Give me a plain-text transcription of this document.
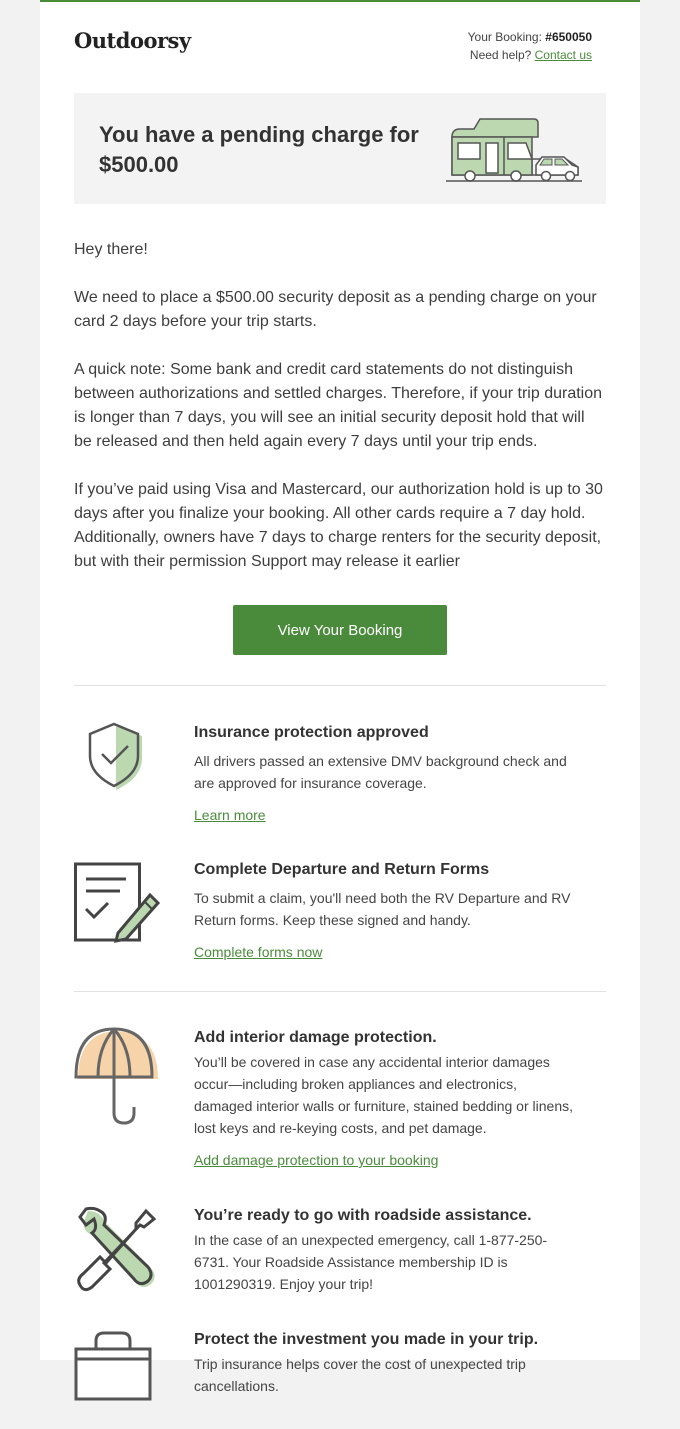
Outdoorsy	Your Booking: #650050
Need help? Contact us
You have a pending charge for $500.00

Hey there!

We need to place a $500.00 security deposit as a pending charge on your card 2 days before your trip starts.

A quick note: Some bank and credit card statements do not distinguish between authorizations and settled charges. Therefore, if your trip duration is longer than 7 days, you will see an initial security deposit hold that will be released and then held again every 7 days until your trip ends.

If you’ve paid using Visa and Mastercard, our authorization hold is up to 30 days after you finalize your booking. All other cards require a 7 day hold. Additionally, owners have 7 days to charge renters for the security deposit, but with their permission Support may release it earlier

View Your Booking
Insurance protection approved
All drivers passed an extensive DMV background check and are approved for insurance coverage.
Learn more
Complete Departure and Return Forms
To submit a claim, you'll need both the RV Departure and RV Return forms. Keep these signed and handy.
Complete forms now
Add interior damage protection.
You’ll be covered in case any accidental interior damages occur—including broken appliances and electronics, damaged interior walls or furniture, stained bedding or linens, lost keys and re-keying costs, and pet damage.
Add damage protection to your booking
You’re ready to go with roadside assistance.
In the case of an unexpected emergency, call 1-877-250-6731. Your Roadside Assistance membership ID is 1001290319. Enjoy your trip!
Protect the investment you made in your trip.
Trip insurance helps cover the cost of unexpected trip cancellations.
